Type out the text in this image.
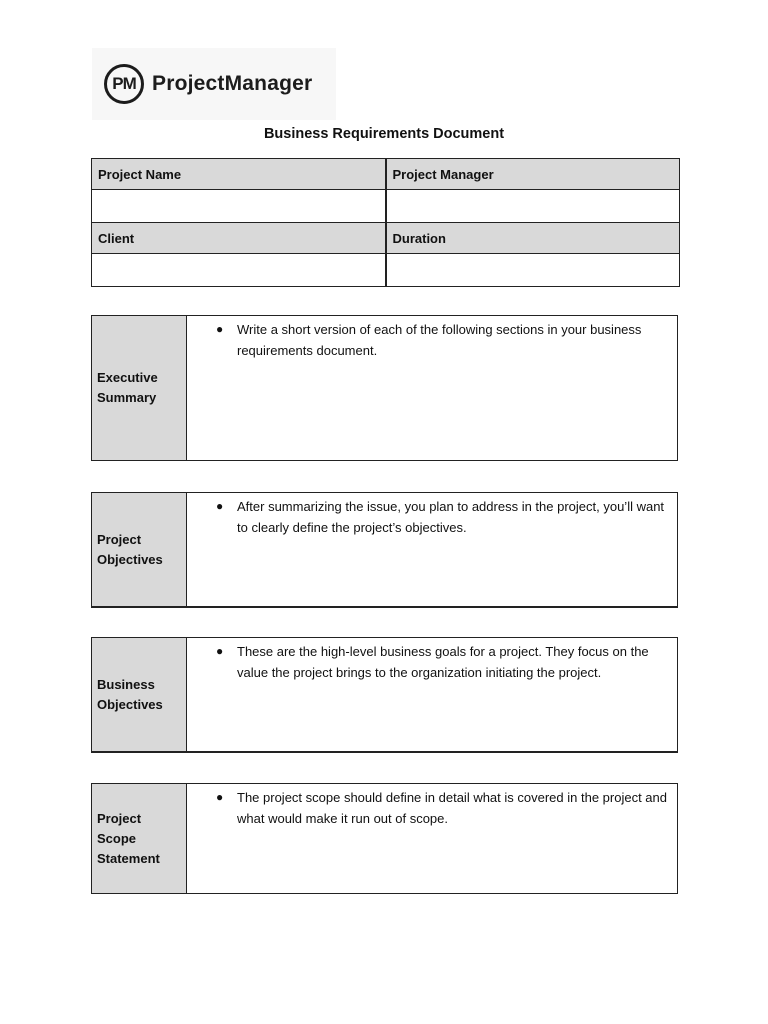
PM ProjectManager
Business Requirements Document
Project Name	Project Manager

Client	Duration

Executive
Summary
●	Write a short version of each of the following sections in your business requirements document.
Project
Objectives
●	After summarizing the issue, you plan to address in the project, you’ll want to clearly define the project’s objectives.
Business
Objectives
●	These are the high-level business goals for a project. They focus on the value the project brings to the organization initiating the project.
Project
Scope
Statement
●	The project scope should define in detail what is covered in the project and what would make it run out of scope.
